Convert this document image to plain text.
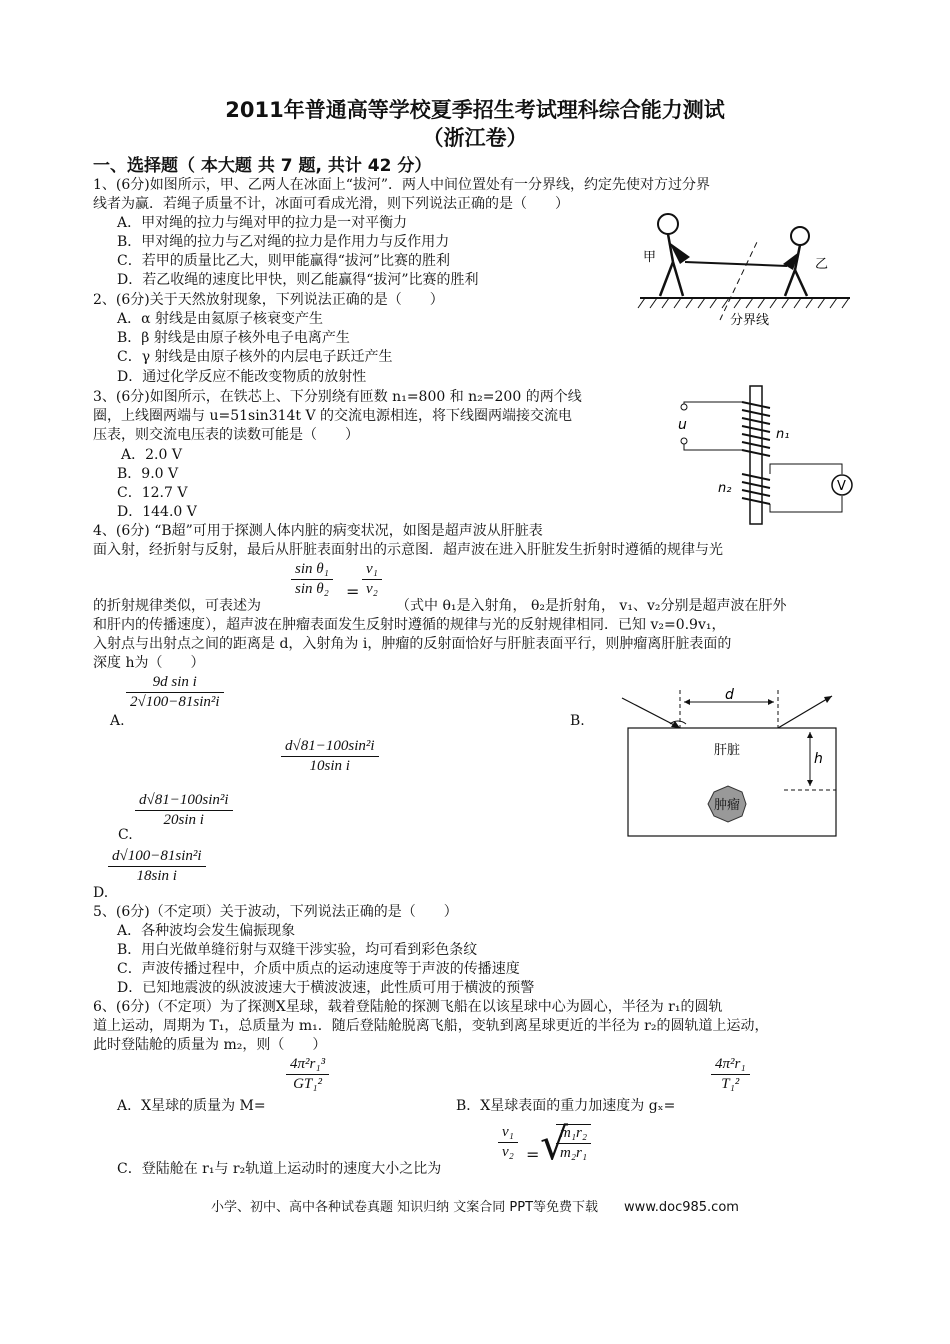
2011年普通高等学校夏季招生考试理科综合能力测试
（浙江卷）
一、选择题（ 本大题 共 7 题, 共计 42 分）
1、(6分)如图所示，甲、乙两人在冰面上“拔河”．两人中间位置处有一分界线，约定先使对方过分界
线者为赢．若绳子质量不计，冰面可看成光滑，则下列说法正确的是（　　）
A．甲对绳的拉力与绳对甲的拉力是一对平衡力
B．甲对绳的拉力与乙对绳的拉力是作用力与反作用力
C．若甲的质量比乙大，则甲能赢得“拔河”比赛的胜利
D．若乙收绳的速度比甲快，则乙能赢得“拔河”比赛的胜利
甲	乙
分界线
2、(6分)关于天然放射现象，下列说法正确的是（　　）
A．α 射线是由氦原子核衰变产生
B．β 射线是由原子核外电子电离产生
C．γ 射线是由原子核外的内层电子跃迁产生
D．通过化学反应不能改变物质的放射性
3、(6分)如图所示，在铁芯上、下分别绕有匝数 n₁=800 和 n₂=200 的两个线
圈，上线圈两端与 u=51sin314t V 的交流电源相连，将下线圈两端接交流电
压表，则交流电压表的读数可能是（　　）
A．2.0 V
B．9.0 V
C．12.7 V
D．144.0 V
u
n₁
n₂	V
4、(6分) “B超”可用于探测人体内脏的病变状况，如图是超声波从肝脏表
面入射，经折射与反射，最后从肝脏表面射出的示意图．超声波在进入肝脏发生折射时遵循的规律与光
sin θ₁
sin θ₂ =
v₁
v₂
的折射规律类似，可表述为	（式中 θ₁是入射角， θ₂是折射角， v₁、v₂分别是超声波在肝外
和肝内的传播速度），超声波在肿瘤表面发生反射时遵循的规律与光的反射规律相同．已知 v₂=0.9v₁，
入射点与出射点之间的距离是 d，入射角为 i，肿瘤的反射面恰好与肝脏表面平行，则肿瘤离肝脏表面的
深度 h为（　　）
A.
9d sin i
2√100−81sin²i
B.
d√81−100sin²i
10sin i
C.
d√81−100sin²i
20sin i
D.
d√100−81sin²i
18sin i
d
h
肝脏
肿瘤
5、(6分)（不定项）关于波动，下列说法正确的是（　　）
A．各种波均会发生偏振现象
B．用白光做单缝衍射与双缝干涉实验，均可看到彩色条纹
C．声波传播过程中，介质中质点的运动速度等于声波的传播速度
D．已知地震波的纵波波速大于横波波速，此性质可用于横波的预警
6、(6分)（不定项）为了探测X星球，载着登陆舱的探测飞船在以该星球中心为圆心，半径为 r₁的圆轨
道上运动，周期为 T₁，总质量为 m₁．随后登陆舱脱离飞船，变轨到离星球更近的半径为 r₂的圆轨道上运动，
此时登陆舱的质量为 m₂，则（　　）
A．X星球的质量为 M=
4π²r₁³
GT₁²
B．X星球表面的重力加速度为 gₓ=
4π²r₁
T₁²
C．登陆舱在 r₁与 r₂轨道上运动时的速度大小之比为
v₁
v₂ = √
m₁r₂
m₂r₁
小学、初中、高中各种试卷真题 知识归纳 文案合同 PPT等免费下载　　www.doc985.com
